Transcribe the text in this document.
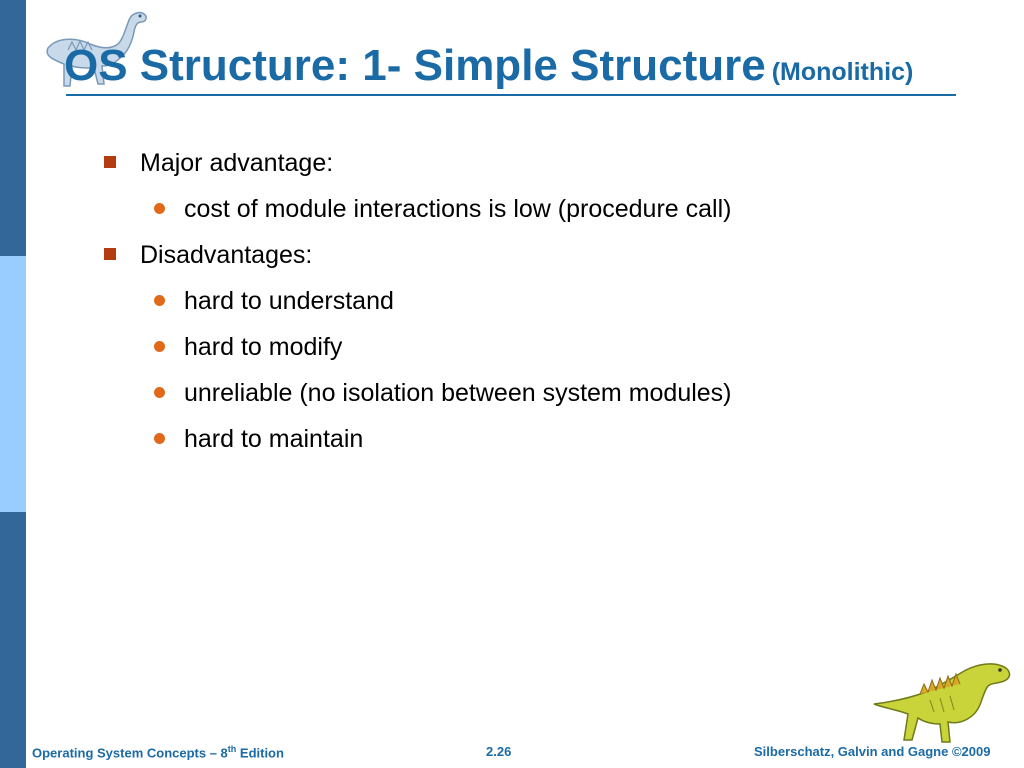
OS Structure: 1- Simple Structure (Monolithic)
Major advantage:
cost of module interactions is low (procedure call)
Disadvantages:
hard to understand
hard to modify
unreliable (no isolation between system modules)
hard to maintain
Operating System Concepts – 8th Edition	2.26	Silberschatz, Galvin and Gagne ©2009
